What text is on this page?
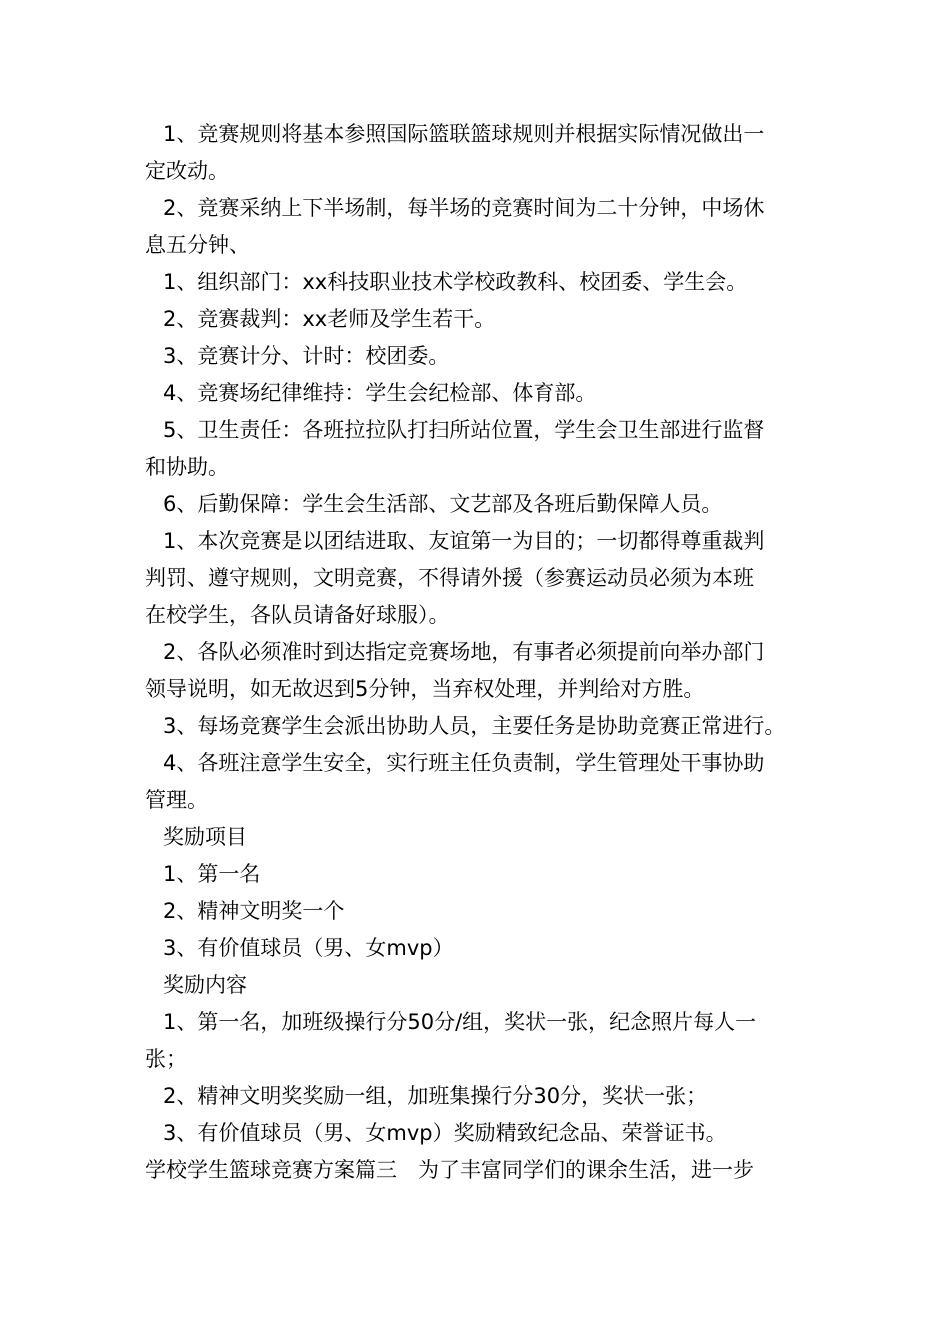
1、竞赛规则将基本参照国际篮联篮球规则并根据实际情况做出一
定改动。
2、竞赛采纳上下半场制，每半场的竞赛时间为二十分钟，中场休
息五分钟、
1、组织部门：xx科技职业技术学校政教科、校团委、学生会。
2、竞赛裁判：xx老师及学生若干。
3、竞赛计分、计时：校团委。
4、竞赛场纪律维持：学生会纪检部、体育部。
5、卫生责任：各班拉拉队打扫所站位置，学生会卫生部进行监督
和协助。
6、后勤保障：学生会生活部、文艺部及各班后勤保障人员。
1、本次竞赛是以团结进取、友谊第一为目的；一切都得尊重裁判
判罚、遵守规则，文明竞赛，不得请外援（参赛运动员必须为本班
在校学生，各队员请备好球服）。
2、各队必须准时到达指定竞赛场地，有事者必须提前向举办部门
领导说明，如无故迟到5分钟，当弃权处理，并判给对方胜。
3、每场竞赛学生会派出协助人员，主要任务是协助竞赛正常进行。
4、各班注意学生安全，实行班主任负责制，学生管理处干事协助
管理。
奖励项目
1、第一名
2、精神文明奖一个
3、有价值球员（男、女mvp）
奖励内容
1、第一名，加班级操行分50分/组，奖状一张，纪念照片每人一
张；
2、精神文明奖奖励一组，加班集操行分30分，奖状一张；
3、有价值球员（男、女mvp）奖励精致纪念品、荣誉证书。
学校学生篮球竞赛方案篇三　为了丰富同学们的课余生活，进一步
